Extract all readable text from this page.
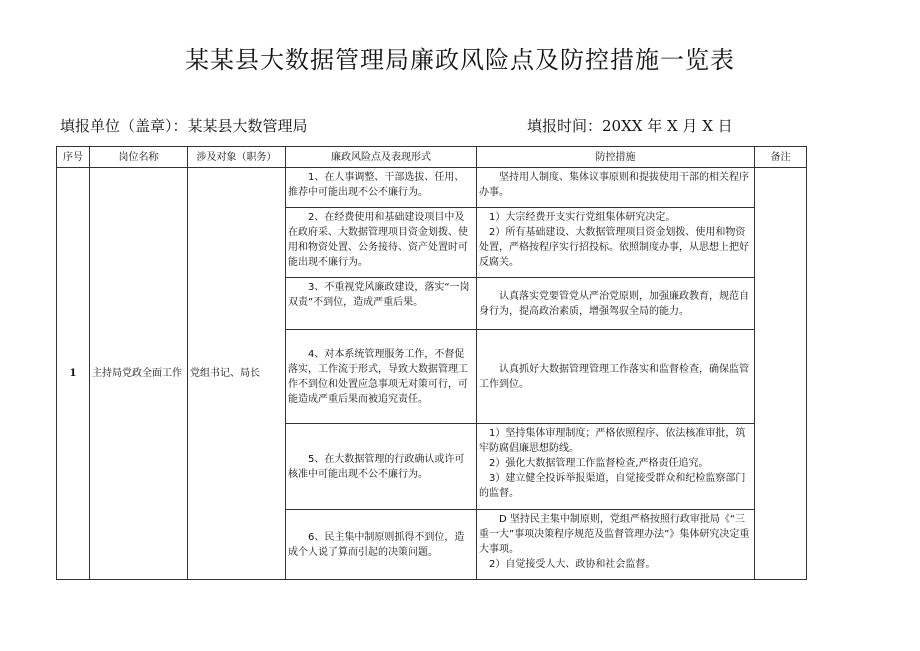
某某县大数据管理局廉政风险点及防控措施一览表
填报单位（盖章）：某某县大数管理局	填报时间：20XX 年 X 月 X 日
序号	岗位名称	涉及对象（职务）	廉政风险点及表现形式	防控措施	备注
1	主持局党政全面工作	党组书记、局长	1、在人事调整、干部选拔、任用、推荐中可能出现不公不廉行为。	坚持用人制度、集体议事原则和提拔使用干部的相关程序办事。	

			2、在经费使用和基础建设项目中及在政府采、大数据管理项目资金划拨、使用和物资处置、公务接待、资产处置时可能出现不廉行为。	1）大宗经费开支实行党组集体研究决定。
2）所有基础建设、大数据管理项目资金划拨、使用和物资处置，严格按程序实行招投标。依照制度办事，从思想上把好反腐关。	

			3、不重视党风廉政建设，落实“一岗双责”不到位，造成严重后果。	认真落实党要管党从严治党原则，加强廉政教育，规范自身行为，提高政治素质，增强驾驭全局的能力。	

			4、对本系统管理服务工作，不督促落实，工作流于形式，导致大数据管理工作不到位和处置应急事项无对策可行，可能造成严重后果而被追究责任。	认真抓好大数据管理管理工作落实和监督检查，确保监管工作到位。	

			5、在大数据管理的行政确认或许可核准中可能出现不公不廉行为。	1）坚持集体审理制度；严格依照程序、依法核准审批，筑牢防腐倡廉思想防线。
2）强化大数据管理工作监督检查,严格责任追究。
3）建立健全投诉举报渠道，自觉接受群众和纪检监察部门的监督。	

			6、民主集中制原则抓得不到位，造成个人说了算而引起的决策问题。	D 坚持民主集中制原则，党组严格按照行政审批局《“三重一大”事项决策程序规范及监督管理办法”》集体研究决定重大事项。
2）自觉接受人大、政协和社会监督。	
